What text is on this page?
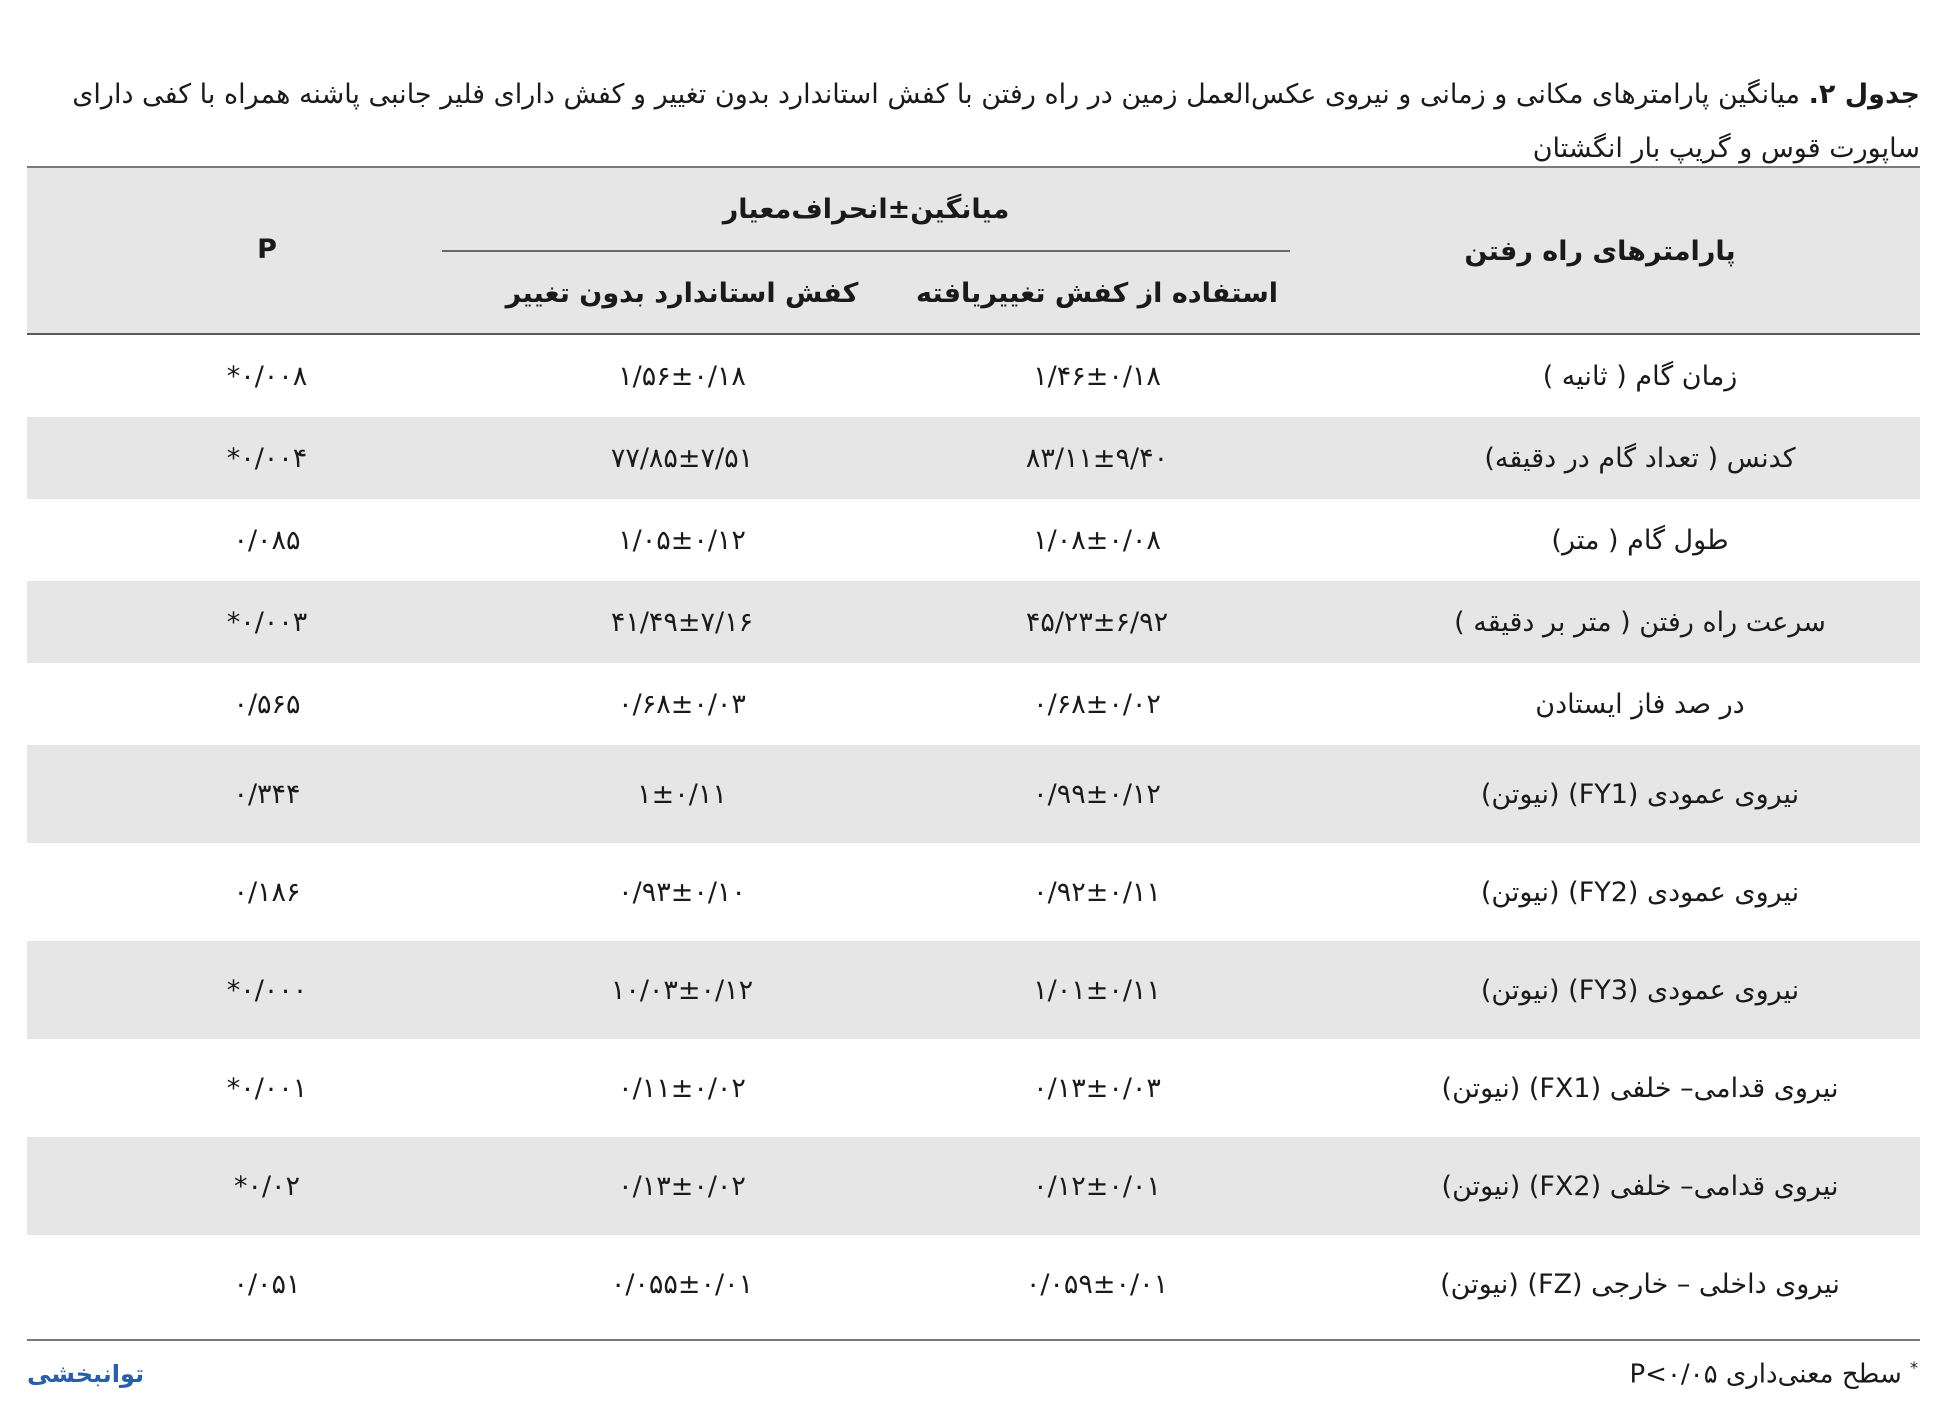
جدول ۲. میانگین پارامترهای مکانی و زمانی و نیروی عکس‌العمل زمین در راه رفتن با کفش استاندارد بدون تغییر و کفش دارای فلیر جانبی پاشنه همراه با کفی دارای ساپورت قوس و گریپ بار انگشتان
پارامترهای راه رفتن
میانگین±انحراف‌معیار
استفاده از کفش تغییریافته
کفش استاندارد بدون تغییر
P
زمان گام ( ثانیه )
۱/۴۶±۰/۱۸
۱/۵۶±۰/۱۸
۰/۰۰۸*
کدنس ( تعداد گام در دقیقه)
۸۳/۱۱±۹/۴۰
۷۷/۸۵±۷/۵۱
۰/۰۰۴*
طول گام ( متر)
۱/۰۸±۰/۰۸
۱/۰۵±۰/۱۲
۰/۰۸۵
سرعت راه رفتن ( متر بر دقیقه )
۴۵/۲۳±۶/۹۲
۴۱/۴۹±۷/۱۶
۰/۰۰۳*
در صد فاز ایستادن
۰/۶۸±۰/۰۲
۰/۶۸±۰/۰۳
۰/۵۶۵
نیروی عمودی (FY1) (نیوتن)
۰/۹۹±۰/۱۲
۱±۰/۱۱
۰/۳۴۴
نیروی عمودی (FY2) (نیوتن)
۰/۹۲±۰/۱۱
۰/۹۳±۰/۱۰
۰/۱۸۶
نیروی عمودی (FY3) (نیوتن)
۱/۰۱±۰/۱۱
۱۰/۰۳±۰/۱۲
۰/۰۰۰*
نیروی قدامی– خلفی (FX1) (نیوتن)
۰/۱۳±۰/۰۳
۰/۱۱±۰/۰۲
۰/۰۰۱*
نیروی قدامی– خلفی (FX2) (نیوتن)
۰/۱۲±۰/۰۱
۰/۱۳±۰/۰۲
۰/۰۲*
نیروی داخلی – خارجی (FZ) (نیوتن)
۰/۰۵۹±۰/۰۱
۰/۰۵۵±۰/۰۱
۰/۰۵۱
* سطح معنی‌داری P<۰/۰۵
توانبخشی
